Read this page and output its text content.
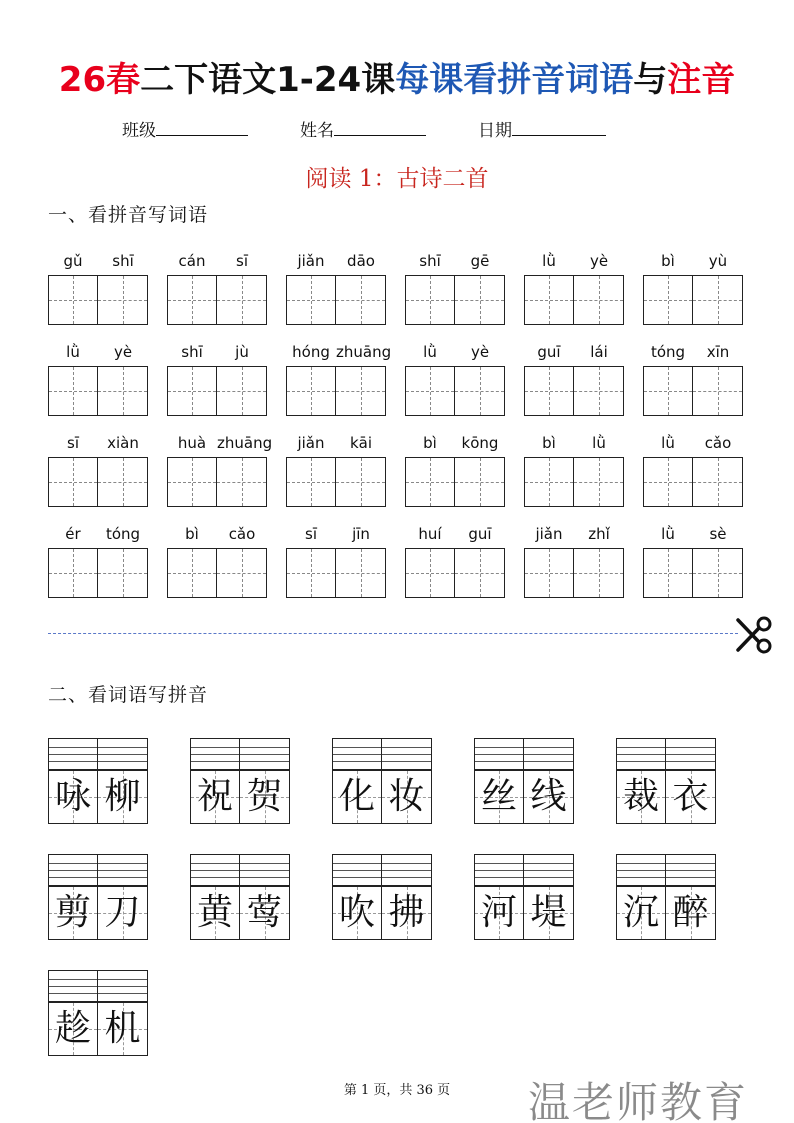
26春二下语文1-24课每课看拼音词语与注音
班级	姓名	日期
阅读 1：古诗二首
一、看拼音写词语
gǔ	shī	cán	sī	jiǎn	dāo	shī	gē	lǜ	yè	bì	yù
lǜ	yè	shī	jù	hóng zhuāng	lǜ	yè	guī	lái	tóng	xīn
sī	xiàn	huà zhuāng	jiǎn	kāi	bì	kōng	bì	lǜ	lǜ	cǎo
ér	tóng	bì	cǎo	sī	jīn	huí	guī	jiǎn	zhǐ	lǜ	sè
二、看词语写拼音
咏 柳 祝 贺 化 妆 丝 线 裁 衣
剪 刀 黄 莺 吹 拂 河 堤 沉 醉
趁 机
第 1 页，共 36 页	温老师教育
